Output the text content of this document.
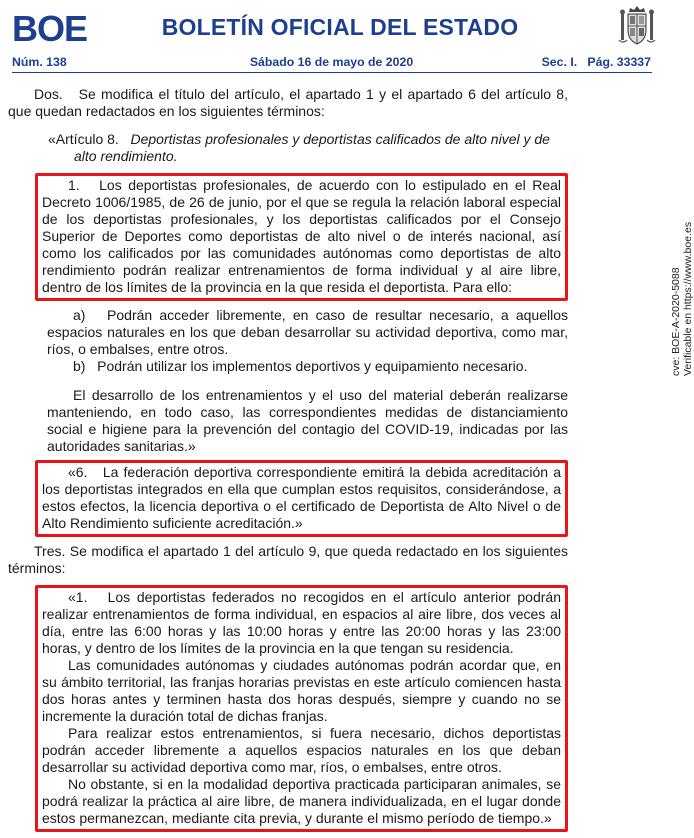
BOE	BOLETÍN OFICIAL DEL ESTADO
Núm. 138	Sábado 16 de mayo de 2020	Sec. I.   Pág. 33337

Dos.   Se modifica el título del artículo, el apartado 1 y el apartado 6 del artículo 8, que quedan redactados en los siguientes términos:

«Artículo 8. Deportistas profesionales y deportistas calificados de alto nivel y de

alto rendimiento.

1.   Los deportistas profesionales, de acuerdo con lo estipulado en el Real Decreto 1006/1985, de 26 de junio, por el que se regula la relación laboral especial de los deportistas profesionales, y los deportistas calificados por el Consejo Superior de Deportes como deportistas de alto nivel o de interés nacional, así como los calificados por las comunidades autónomas como deportistas de alto rendimiento podrán realizar entrenamientos de forma individual y al aire libre, dentro de los límites de la provincia en la que resida el deportista. Para ello:

a)   Podrán acceder libremente, en caso de resultar necesario, a aquellos espacios naturales en los que deban desarrollar su actividad deportiva, como mar, ríos, o embalses, entre otros.

b)   Podrán utilizar los implementos deportivos y equipamiento necesario.

El desarrollo de los entrenamientos y el uso del material deberán realizarse manteniendo, en todo caso, las correspondientes medidas de distanciamiento social e higiene para la prevención del contagio del COVID-19, indicadas por las autoridades sanitarias.»

«6.   La federación deportiva correspondiente emitirá la debida acreditación a los deportistas integrados en ella que cumplan estos requisitos, considerándose, a estos efectos, la licencia deportiva o el certificado de Deportista de Alto Nivel o de Alto Rendimiento suficiente acreditación.»

Tres. Se modifica el apartado 1 del artículo 9, que queda redactado en los siguientes términos:

«1.   Los deportistas federados no recogidos en el artículo anterior podrán realizar entrenamientos de forma individual, en espacios al aire libre, dos veces al día, entre las 6:00 horas y las 10:00 horas y entre las 20:00 horas y las 23:00 horas, y dentro de los límites de la provincia en la que tengan su residencia.

Las comunidades autónomas y ciudades autónomas podrán acordar que, en su ámbito territorial, las franjas horarias previstas en este artículo comiencen hasta dos horas antes y terminen hasta dos horas después, siempre y cuando no se incremente la duración total de dichas franjas.

Para realizar estos entrenamientos, si fuera necesario, dichos deportistas podrán acceder libremente a aquellos espacios naturales en los que deban desarrollar su actividad deportiva como mar, ríos, o embalses, entre otros.

No obstante, si en la modalidad deportiva practicada participaran animales, se podrá realizar la práctica al aire libre, de manera individualizada, en el lugar donde estos permanezcan, mediante cita previa, y durante el mismo período de tiempo.»

cve: BOE-A-2020-5088 Verificable en https://www.boe.es
